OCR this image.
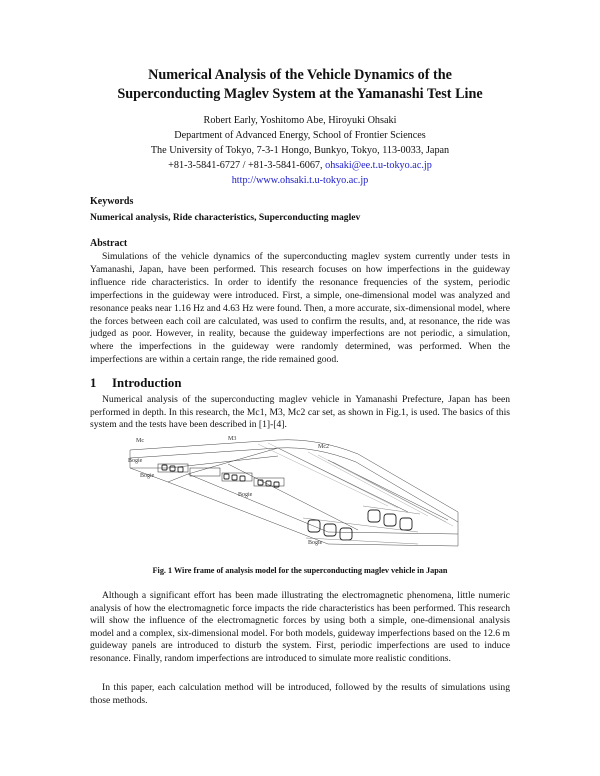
Numerical Analysis of the Vehicle Dynamics of the
Superconducting Maglev System at the Yamanashi Test Line
Robert Early, Yoshitomo Abe, Hiroyuki Ohsaki
Department of Advanced Energy, School of Frontier Sciences
The University of Tokyo, 7-3-1 Hongo, Bunkyo, Tokyo, 113-0033, Japan
+81-3-5841-6727 / +81-3-5841-6067, ohsaki@ee.t.u-tokyo.ac.jp
http://www.ohsaki.t.u-tokyo.ac.jp
Keywords
Numerical analysis, Ride characteristics, Superconducting maglev
Abstract
Simulations of the vehicle dynamics of the superconducting maglev system currently under tests in Yamanashi, Japan, have been performed. This research focuses on how imperfections in the guideway influence ride characteristics. In order to identify the resonance frequencies of the system, periodic imperfections in the guideway were introduced. First, a simple, one-dimensional model was analyzed and resonance peaks near 1.16 Hz and 4.63 Hz were found. Then, a more accurate, six-dimensional model, where the forces between each coil are calculated, was used to confirm the results, and, at resonance, the ride was judged as poor. However, in reality, because the guideway imperfections are not periodic, a simulation, where the imperfections in the guideway were randomly determined, was performed. When the imperfections are within a certain range, the ride remained good.
1 Introduction
Numerical analysis of the superconducting maglev vehicle in Yamanashi Prefecture, Japan has been performed in depth. In this research, the Mc1, M3, Mc2 car set, as shown in Fig.1, is used. The basics of this system and the tests have been described in [1]-[4].
Mc	M3
Mc2
Bogie
Bogie
Bogie
Bogie
Fig. 1 Wire frame of analysis model for the superconducting maglev vehicle in Japan
Although a significant effort has been made illustrating the electromagnetic phenomena, little numeric analysis of how the electromagnetic force impacts the ride characteristics has been performed. This research will show the influence of the electromagnetic forces by using both a simple, one-dimensional analysis model and a complex, six-dimensional model. For both models, guideway imperfections based on the 12.6 m guideway panels are introduced to disturb the system. First, periodic imperfections are used to induce resonance. Finally, random imperfections are introduced to simulate more realistic conditions.
In this paper, each calculation method will be introduced, followed by the results of simulations using those methods.
